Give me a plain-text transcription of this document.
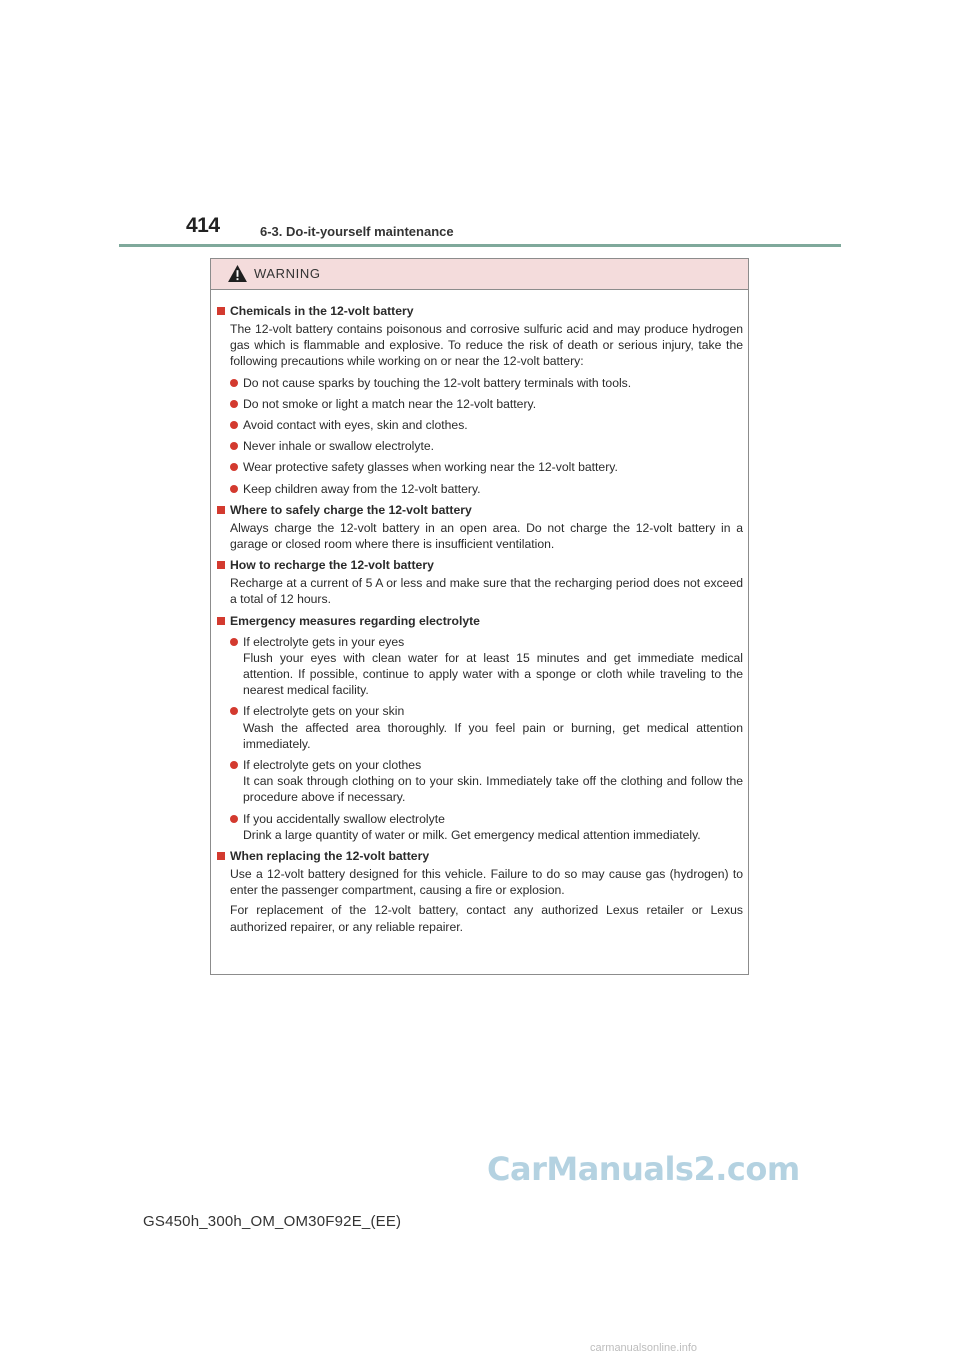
414	6-3. Do-it-yourself maintenance
WARNING
Chemicals in the 12-volt battery
The 12-volt battery contains poisonous and corrosive sulfuric acid and may produce hydrogen gas which is flammable and explosive. To reduce the risk of death or serious injury, take the following precautions while working on or near the 12-volt battery:
Do not cause sparks by touching the 12-volt battery terminals with tools.
Do not smoke or light a match near the 12-volt battery.
Avoid contact with eyes, skin and clothes.
Never inhale or swallow electrolyte.
Wear protective safety glasses when working near the 12-volt battery.
Keep children away from the 12-volt battery.
Where to safely charge the 12-volt battery
Always charge the 12-volt battery in an open area. Do not charge the 12-volt battery in a garage or closed room where there is insufficient ventilation.
How to recharge the 12-volt battery
Recharge at a current of 5 A or less and make sure that the recharging period does not exceed a total of 12 hours.
Emergency measures regarding electrolyte
If electrolyte gets in your eyes
Flush your eyes with clean water for at least 15 minutes and get immediate medical attention. If possible, continue to apply water with a sponge or cloth while traveling to the nearest medical facility.
If electrolyte gets on your skin
Wash the affected area thoroughly. If you feel pain or burning, get medical attention immediately.
If electrolyte gets on your clothes
It can soak through clothing on to your skin. Immediately take off the clothing and follow the procedure above if necessary.
If you accidentally swallow electrolyte
Drink a large quantity of water or milk. Get emergency medical attention immediately.
When replacing the 12-volt battery
Use a 12-volt battery designed for this vehicle. Failure to do so may cause gas (hydrogen) to enter the passenger compartment, causing a fire or explosion.
For replacement of the 12-volt battery, contact any authorized Lexus retailer or Lexus authorized repairer, or any reliable repairer.
GS450h_300h_OM_OM30F92E_(EE)
CarManuals2.com
carmanualsonline.info
